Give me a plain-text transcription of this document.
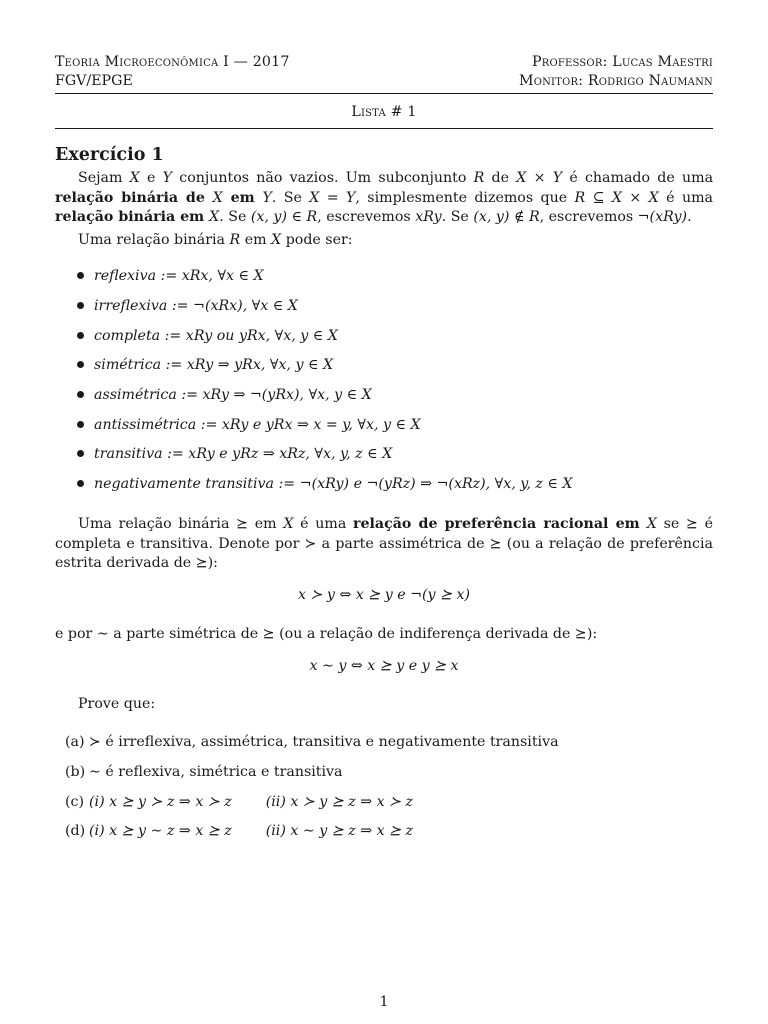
Teoria Microeconômica I — 2017	Professor: Lucas Maestri
FGV/EPGE	Monitor: Rodrigo Naumann
Lista # 1
Exercício 1
Sejam X e Y conjuntos não vazios. Um subconjunto R de X × Y é chamado de uma relação binária de X em Y. Se X = Y, simplesmente dizemos que R ⊆ X × X é uma relação binária em X. Se (x, y) ∈ R, escrevemos xRy. Se (x, y) ∉ R, escrevemos ¬(xRy).
Uma relação binária R em X pode ser:
reflexiva := xRx, ∀x ∈ X
irreflexiva := ¬(xRx), ∀x ∈ X
completa := xRy ou yRx, ∀x, y ∈ X
simétrica := xRy ⇒ yRx, ∀x, y ∈ X
assimétrica := xRy ⇒ ¬(yRx), ∀x, y ∈ X
antissimétrica := xRy e yRx ⇒ x = y, ∀x, y ∈ X
transitiva := xRy e yRz ⇒ xRz, ∀x, y, z ∈ X
negativamente transitiva := ¬(xRy) e ¬(yRz) ⇒ ¬(xRz), ∀x, y, z ∈ X
Uma relação binária ⪰ em X é uma relação de preferência racional em X se ⪰ é completa e transitiva. Denote por ≻ a parte assimétrica de ⪰ (ou a relação de preferência estrita derivada de ⪰):
x ≻ y ⇔ x ⪰ y e ¬(y ⪰ x)
e por ∼ a parte simétrica de ⪰ (ou a relação de indiferença derivada de ⪰):
x ∼ y ⇔ x ⪰ y e y ⪰ x
Prove que:
(a) ≻ é irreflexiva, assimétrica, transitiva e negativamente transitiva
(b) ∼ é reflexiva, simétrica e transitiva
(c) (i) x ⪰ y ≻ z ⇒ x ≻ z (ii) x ≻ y ⪰ z ⇒ x ≻ z
(d) (i) x ⪰ y ∼ z ⇒ x ⪰ z (ii) x ∼ y ⪰ z ⇒ x ⪰ z
1
